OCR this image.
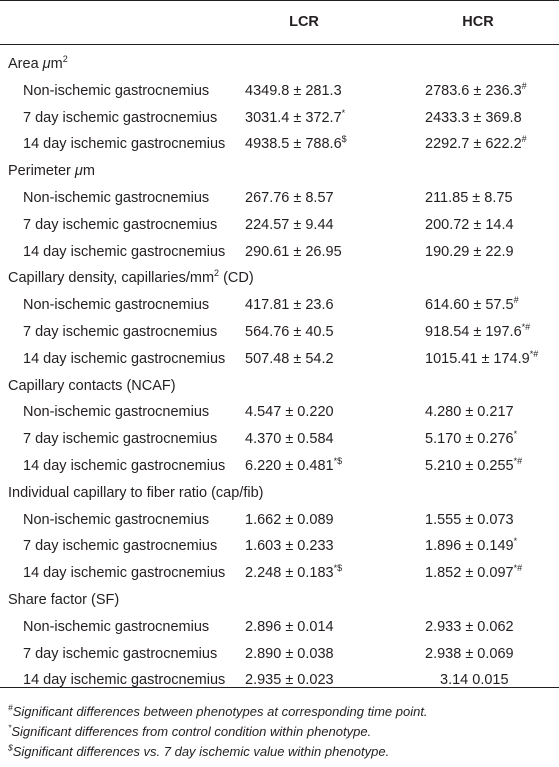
LCR	HCR
Area $\mu m^2$
Non-ischemic gastrocnemius 4349.8 ± 281.3	2783.6 ± 236.3#
7 day ischemic gastrocnemius 3031.4 ± 372.7*	2433.3 ± 369.8
14 day ischemic gastrocnemius 4938.5 ± 788.6$	2292.7 ± 622.2#
Perimeter μm
Non-ischemic gastrocnemius 267.76 ± 8.57	211.85 ± 8.75
7 day ischemic gastrocnemius 224.57 ± 9.44	200.72 ± 14.4
14 day ischemic gastrocnemius 290.61 ± 26.95	190.29 ± 22.9
Capillary density, capillaries/$mm^2$ (CD)
Non-ischemic gastrocnemius 417.81 ± 23.6	614.60 ± 57.5#
7 day ischemic gastrocnemius 564.76 ± 40.5	918.54 ± 197.6*#
14 day ischemic gastrocnemius 507.48 ± 54.2	1015.41 ± 174.9*#
Capillary contacts (NCAF)
Non-ischemic gastrocnemius 4.547 ± 0.220	4.280 ± 0.217
7 day ischemic gastrocnemius 4.370 ± 0.584	5.170 ± 0.276*
14 day ischemic gastrocnemius 6.220 ± 0.481*$	5.210 ± 0.255*#
Individual capillary to fiber ratio (cap/fib)
Non-ischemic gastrocnemius 1.662 ± 0.089	1.555 ± 0.073
7 day ischemic gastrocnemius 1.603 ± 0.233	1.896 ± 0.149*
14 day ischemic gastrocnemius 2.248 ± 0.183*$	1.852 ± 0.097*#
Share factor (SF)
Non-ischemic gastrocnemius 2.896 ± 0.014	2.933 ± 0.062
7 day ischemic gastrocnemius 2.890 ± 0.038	2.938 ± 0.069
14 day ischemic gastrocnemius 2.935 ± 0.023	3.14 0.015
#Significant differences between phenotypes at corresponding time point.
*Significant differences from control condition within phenotype.
$Significant differences vs. 7 day ischemic value within phenotype.
